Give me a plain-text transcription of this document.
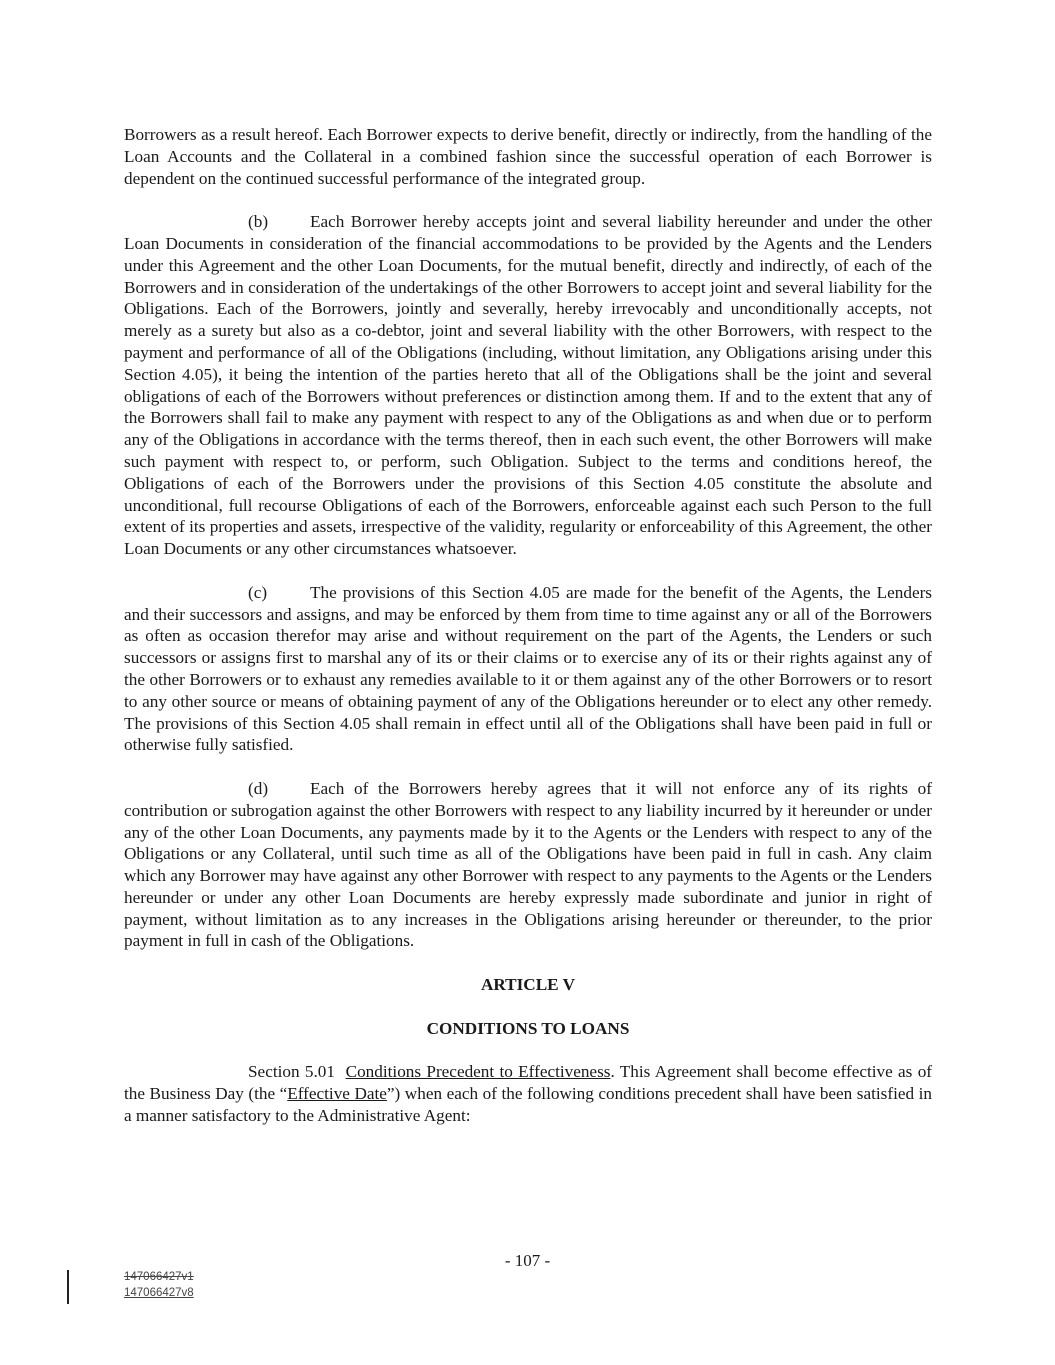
Borrowers as a result hereof. Each Borrower expects to derive benefit, directly or indirectly, from the handling of the Loan Accounts and the Collateral in a combined fashion since the successful operation of each Borrower is dependent on the continued successful performance of the integrated group.

(b) Each Borrower hereby accepts joint and several liability hereunder and under the other Loan Documents in consideration of the financial accommodations to be provided by the Agents and the Lenders under this Agreement and the other Loan Documents, for the mutual benefit, directly and indirectly, of each of the Borrowers and in consideration of the undertakings of the other Borrowers to accept joint and several liability for the Obligations. Each of the Borrowers, jointly and severally, hereby irrevocably and unconditionally accepts, not merely as a surety but also as a co-debtor, joint and several liability with the other Borrowers, with respect to the payment and performance of all of the Obligations (including, without limitation, any Obligations arising under this Section 4.05), it being the intention of the parties hereto that all of the Obligations shall be the joint and several obligations of each of the Borrowers without preferences or distinction among them. If and to the extent that any of the Borrowers shall fail to make any payment with respect to any of the Obligations as and when due or to perform any of the Obligations in accordance with the terms thereof, then in each such event, the other Borrowers will make such payment with respect to, or perform, such Obligation. Subject to the terms and conditions hereof, the Obligations of each of the Borrowers under the provisions of this Section 4.05 constitute the absolute and unconditional, full recourse Obligations of each of the Borrowers, enforceable against each such Person to the full extent of its properties and assets, irrespective of the validity, regularity or enforceability of this Agreement, the other Loan Documents or any other circumstances whatsoever.

(c) The provisions of this Section 4.05 are made for the benefit of the Agents, the Lenders and their successors and assigns, and may be enforced by them from time to time against any or all of the Borrowers as often as occasion therefor may arise and without requirement on the part of the Agents, the Lenders or such successors or assigns first to marshal any of its or their claims or to exercise any of its or their rights against any of the other Borrowers or to exhaust any remedies available to it or them against any of the other Borrowers or to resort to any other source or means of obtaining payment of any of the Obligations hereunder or to elect any other remedy. The provisions of this Section 4.05 shall remain in effect until all of the Obligations shall have been paid in full or otherwise fully satisfied.

(d) Each of the Borrowers hereby agrees that it will not enforce any of its rights of contribution or subrogation against the other Borrowers with respect to any liability incurred by it hereunder or under any of the other Loan Documents, any payments made by it to the Agents or the Lenders with respect to any of the Obligations or any Collateral, until such time as all of the Obligations have been paid in full in cash. Any claim which any Borrower may have against any other Borrower with respect to any payments to the Agents or the Lenders hereunder or under any other Loan Documents are hereby expressly made subordinate and junior in right of payment, without limitation as to any increases in the Obligations arising hereunder or thereunder, to the prior payment in full in cash of the Obligations.

ARTICLE V

CONDITIONS TO LOANS

Section 5.01 Conditions Precedent to Effectiveness. This Agreement shall become effective as of the Business Day (the “Effective Date”) when each of the following conditions precedent shall have been satisfied in a manner satisfactory to the Administrative Agent:

- 107 -
147066427v1
147066427v8
